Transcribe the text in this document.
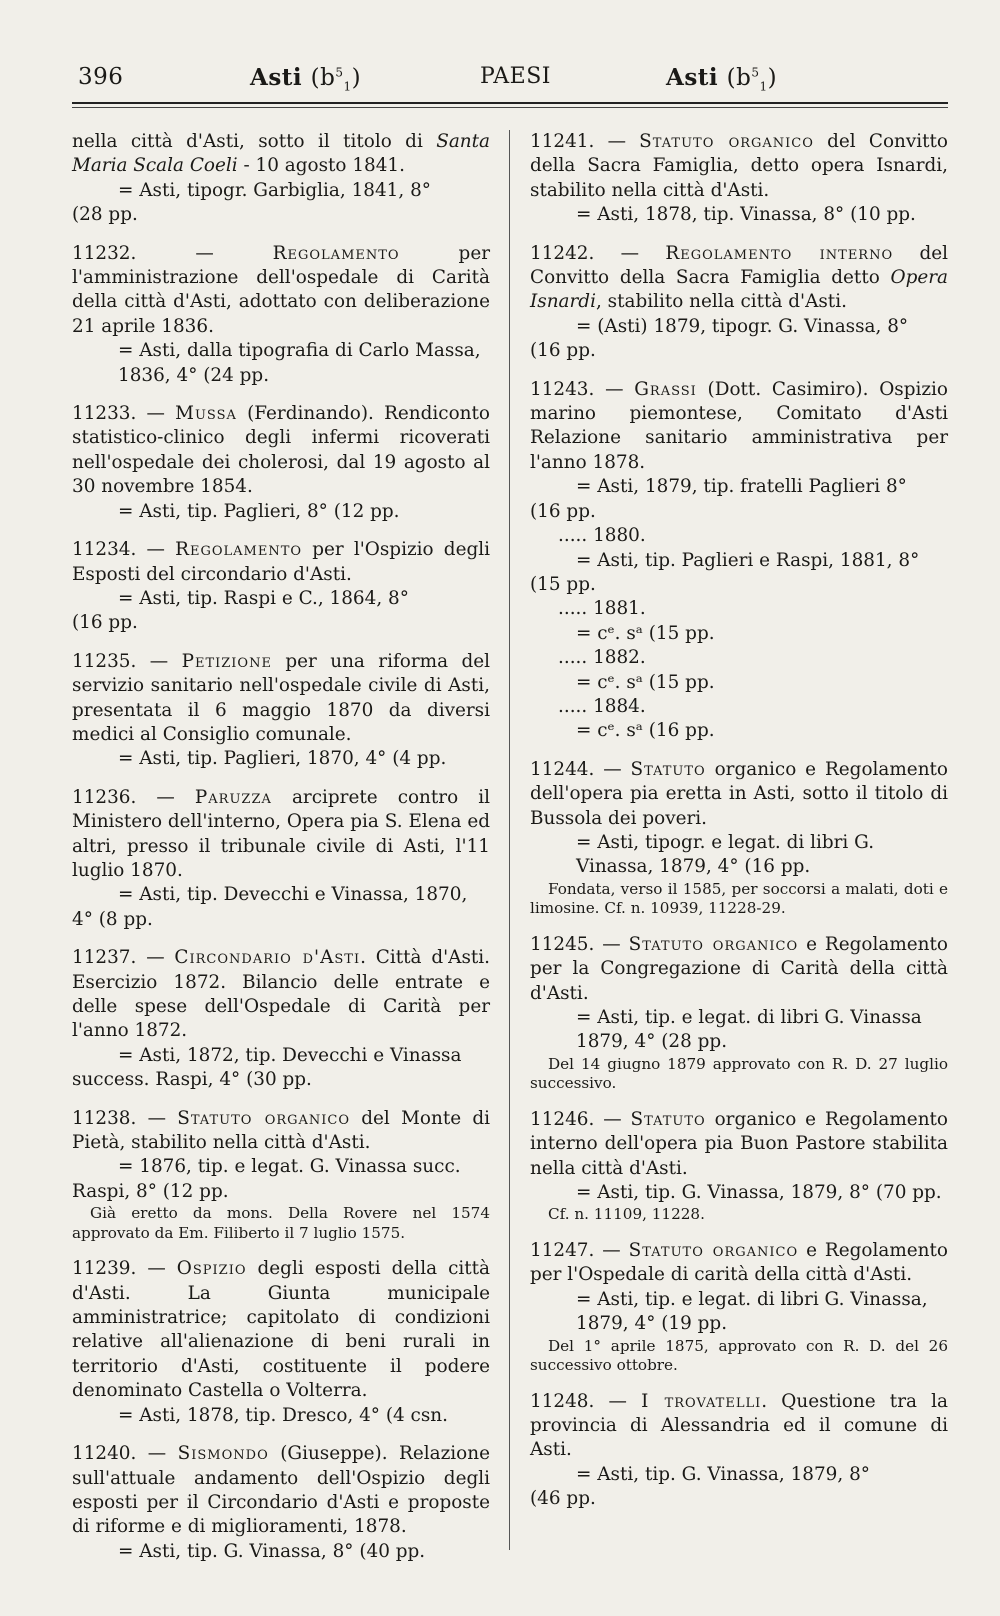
396	Asti $(b^5_1)$	PAESI	Asti $(b^5_1)$

nella città d'Asti, sotto il titolo di Santa Maria Scala Coeli - 10 agosto 1841.

= Asti, tipogr. Garbiglia, 1841, 8°

(28 pp.

11232. — Regolamento per l'amministrazione dell'ospedale di Carità della città d'Asti, adottato con deliberazione 21 aprile 1836.

= Asti, dalla tipografia di Carlo Massa, 1836, 4° (24 pp.

11233. — Mussa (Ferdinando). Rendiconto statistico-clinico degli infermi ricoverati nell'ospedale dei cholerosi, dal 19 agosto al 30 novembre 1854.

= Asti, tip. Paglieri, 8° (12 pp.

11234. — Regolamento per l'Ospizio degli Esposti del circondario d'Asti.

= Asti, tip. Raspi e C., 1864, 8°

(16 pp.

11235. — Petizione per una riforma del servizio sanitario nell'ospedale civile di Asti, presentata il 6 maggio 1870 da diversi medici al Consiglio comunale.

= Asti, tip. Paglieri, 1870, 4° (4 pp.

11236. — Paruzza arciprete contro il Ministero dell'interno, Opera pia S. Elena ed altri, presso il tribunale civile di Asti, l'11 luglio 1870.

= Asti, tip. Devecchi e Vinassa, 1870,

4° (8 pp.

11237. — Circondario d'Asti. Città d'Asti. Esercizio 1872. Bilancio delle entrate e delle spese dell'Ospedale di Carità per l'anno 1872.

= Asti, 1872, tip. Devecchi e Vinassa

success. Raspi, 4° (30 pp.

11238. — Statuto organico del Monte di Pietà, stabilito nella città d'Asti.

= 1876, tip. e legat. G. Vinassa succ.

Raspi, 8° (12 pp.

Già eretto da mons. Della Rovere nel 1574 approvato da Em. Filiberto il 7 luglio 1575.

11239. — Ospizio degli esposti della città d'Asti. La Giunta municipale amministratrice; capitolato di condizioni relative all'alienazione di beni rurali in territorio d'Asti, costituente il podere denominato Castella o Volterra.

= Asti, 1878, tip. Dresco, 4° (4 csn.

11240. — Sismondo (Giuseppe). Relazione sull'attuale andamento dell'Ospizio degli esposti per il Circondario d'Asti e proposte di riforme e di miglioramenti, 1878.

= Asti, tip. G. Vinassa, 8° (40 pp.

11241. — Statuto organico del Convitto della Sacra Famiglia, detto opera Isnardi, stabilito nella città d'Asti.

= Asti, 1878, tip. Vinassa, 8° (10 pp.

11242. — Regolamento interno del Convitto della Sacra Famiglia detto Opera Isnardi, stabilito nella città d'Asti.

= (Asti) 1879, tipogr. G. Vinassa, 8°

(16 pp.

11243. — Grassi (Dott. Casimiro). Ospizio marino piemontese, Comitato d'Asti Relazione sanitario amministrativa per l'anno 1878.

= Asti, 1879, tip. fratelli Paglieri 8°

(16 pp.

..... 1880.

= Asti, tip. Paglieri e Raspi, 1881, 8°

(15 pp.

..... 1881.

= cᵉ. sᵃ (15 pp.

..... 1882.

= cᵉ. sᵃ (15 pp.

..... 1884.

= cᵉ. sᵃ (16 pp.

11244. — Statuto organico e Regolamento dell'opera pia eretta in Asti, sotto il titolo di Bussola dei poveri.

= Asti, tipogr. e legat. di libri G. Vinassa, 1879, 4° (16 pp.

Fondata, verso il 1585, per soccorsi a malati, doti e limosine. Cf. n. 10939, 11228-29.

11245. — Statuto organico e Regolamento per la Congregazione di Carità della città d'Asti.

= Asti, tip. e legat. di libri G. Vinassa 1879, 4° (28 pp.

Del 14 giugno 1879 approvato con R. D. 27 luglio successivo.

11246. — Statuto organico e Regolamento interno dell'opera pia Buon Pastore stabilita nella città d'Asti.

= Asti, tip. G. Vinassa, 1879, 8° (70 pp.

Cf. n. 11109, 11228.

11247. — Statuto organico e Regolamento per l'Ospedale di carità della città d'Asti.

= Asti, tip. e legat. di libri G. Vinassa, 1879, 4° (19 pp.

Del 1° aprile 1875, approvato con R. D. del 26 successivo ottobre.

11248. — I trovatelli. Questione tra la provincia di Alessandria ed il comune di Asti.

= Asti, tip. G. Vinassa, 1879, 8°

(46 pp.
